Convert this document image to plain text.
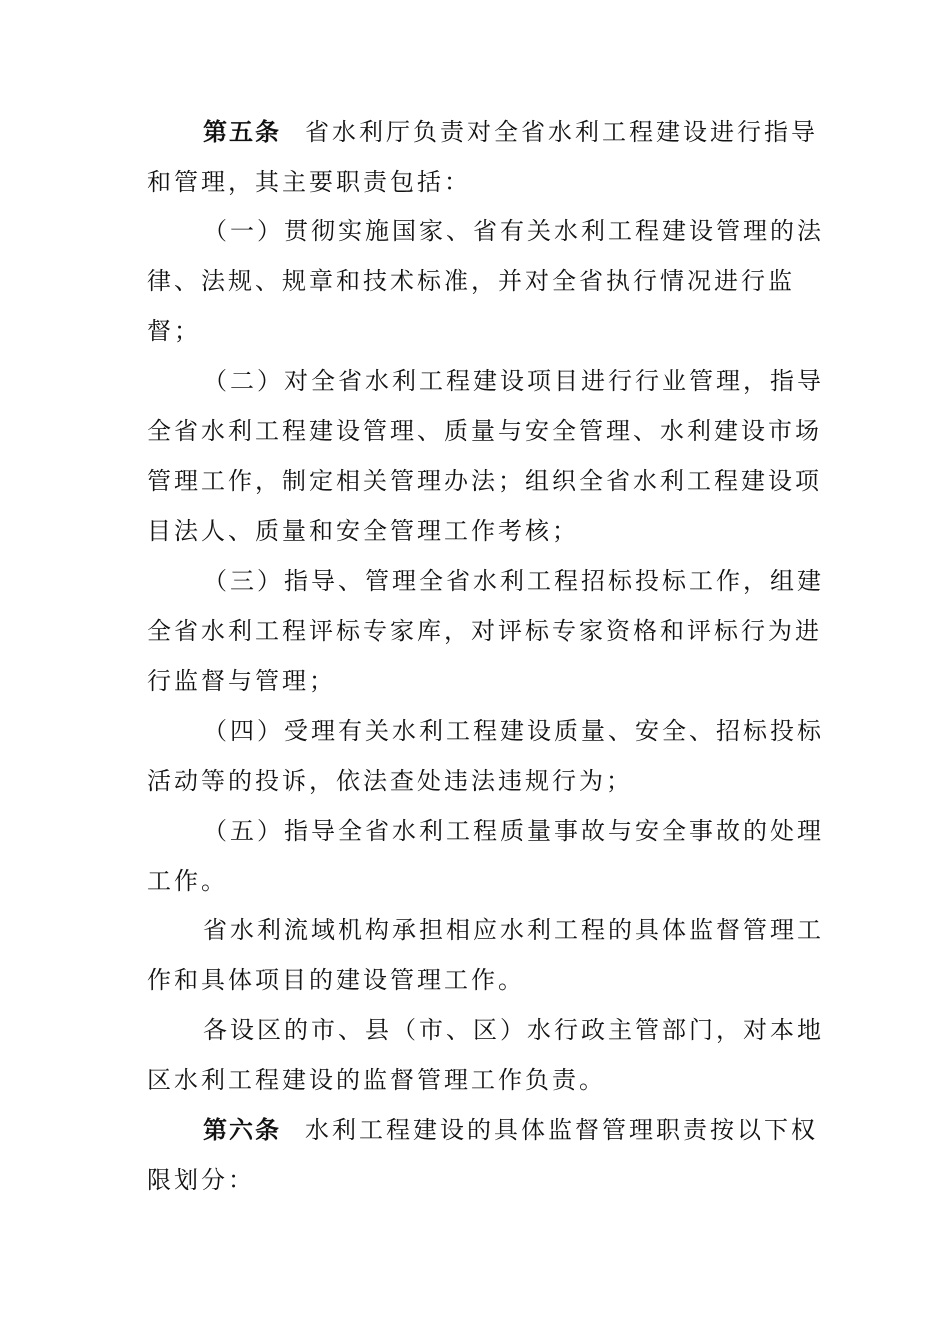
第五条 省水利厅负责对全省水利工程建设进行指导
和管理，其主要职责包括：
（一）贯彻实施国家、省有关水利工程建设管理的法
律、法规、规章和技术标准，并对全省执行情况进行监
督；
（二）对全省水利工程建设项目进行行业管理，指导
全省水利工程建设管理、质量与安全管理、水利建设市场
管理工作，制定相关管理办法；组织全省水利工程建设项
目法人、质量和安全管理工作考核；
（三）指导、管理全省水利工程招标投标工作，组建
全省水利工程评标专家库，对评标专家资格和评标行为进
行监督与管理；
（四）受理有关水利工程建设质量、安全、招标投标
活动等的投诉，依法查处违法违规行为；
（五）指导全省水利工程质量事故与安全事故的处理
工作。
省水利流域机构承担相应水利工程的具体监督管理工
作和具体项目的建设管理工作。
各设区的市、县（市、区）水行政主管部门，对本地
区水利工程建设的监督管理工作负责。
第六条 水利工程建设的具体监督管理职责按以下权
限划分：
